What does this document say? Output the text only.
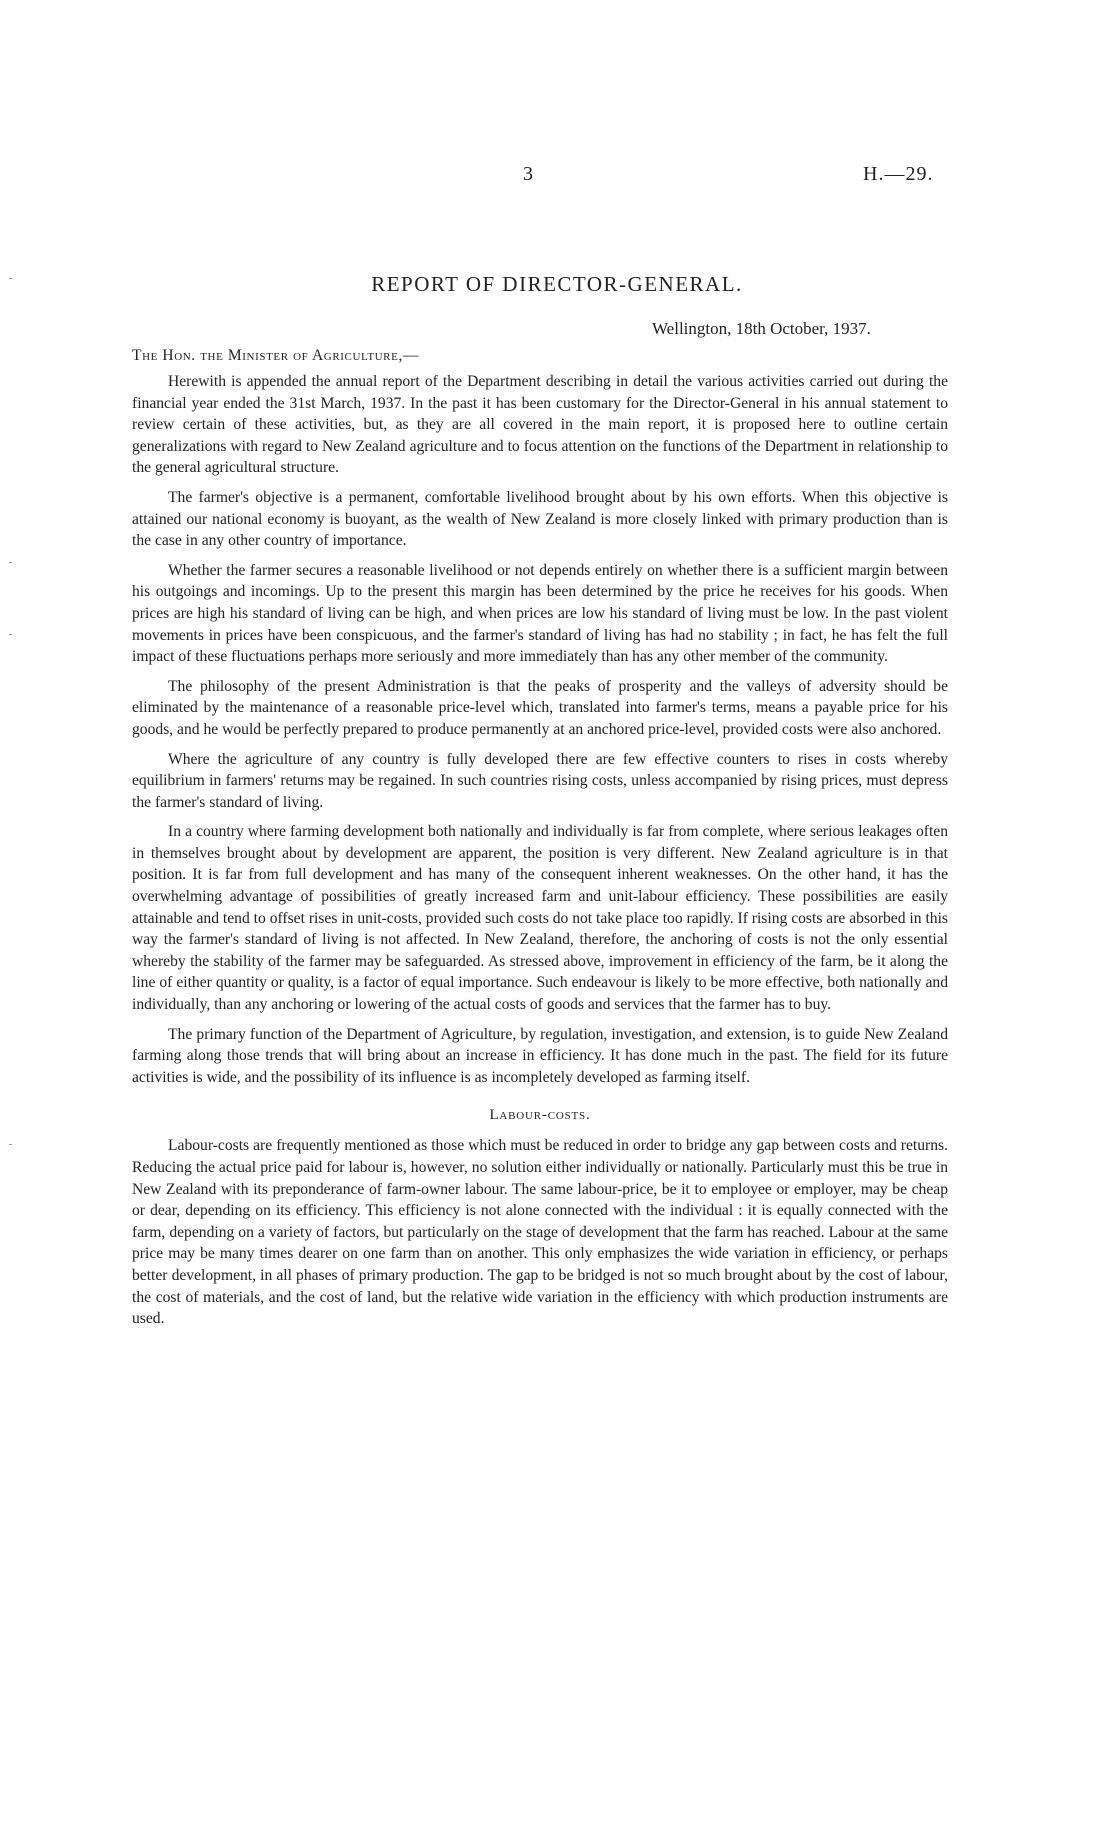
3	H.—29.
REPORT OF DIRECTOR-GENERAL.
Wellington, 18th October, 1937.
The Hon. the Minister of Agriculture,—

Herewith is appended the annual report of the Department describing in detail the various activities carried out during the financial year ended the 31st March, 1937. In the past it has been customary for the Director-General in his annual statement to review certain of these activities, but, as they are all covered in the main report, it is proposed here to outline certain generalizations with regard to New Zealand agriculture and to focus attention on the functions of the Department in relationship to the general agricultural structure.

The farmer's objective is a permanent, comfortable livelihood brought about by his own efforts. When this objective is attained our national economy is buoyant, as the wealth of New Zealand is more closely linked with primary production than is the case in any other country of importance.

Whether the farmer secures a reasonable livelihood or not depends entirely on whether there is a sufficient margin between his outgoings and incomings. Up to the present this margin has been determined by the price he receives for his goods. When prices are high his standard of living can be high, and when prices are low his standard of living must be low. In the past violent movements in prices have been conspicuous, and the farmer's standard of living has had no stability ; in fact, he has felt the full impact of these fluctuations perhaps more seriously and more immediately than has any other member of the community.

The philosophy of the present Administration is that the peaks of prosperity and the valleys of adversity should be eliminated by the maintenance of a reasonable price-level which, translated into farmer's terms, means a payable price for his goods, and he would be perfectly prepared to produce permanently at an anchored price-level, provided costs were also anchored.

Where the agriculture of any country is fully developed there are few effective counters to rises in costs whereby equilibrium in farmers' returns may be regained. In such countries rising costs, unless accompanied by rising prices, must depress the farmer's standard of living.

In a country where farming development both nationally and individually is far from complete, where serious leakages often in themselves brought about by development are apparent, the position is very different. New Zealand agriculture is in that position. It is far from full development and has many of the consequent inherent weaknesses. On the other hand, it has the overwhelming advantage of possibilities of greatly increased farm and unit-labour efficiency. These possibilities are easily attainable and tend to offset rises in unit-costs, provided such costs do not take place too rapidly. If rising costs are absorbed in this way the farmer's standard of living is not affected. In New Zealand, therefore, the anchoring of costs is not the only essential whereby the stability of the farmer may be safeguarded. As stressed above, improvement in efficiency of the farm, be it along the line of either quantity or quality, is a factor of equal importance. Such endeavour is likely to be more effective, both nationally and individually, than any anchoring or lowering of the actual costs of goods and services that the farmer has to buy.

The primary function of the Department of Agriculture, by regulation, investigation, and extension, is to guide New Zealand farming along those trends that will bring about an increase in efficiency. It has done much in the past. The field for its future activities is wide, and the possibility of its influence is as incompletely developed as farming itself.

Labour-costs.

Labour-costs are frequently mentioned as those which must be reduced in order to bridge any gap between costs and returns. Reducing the actual price paid for labour is, however, no solution either individually or nationally. Particularly must this be true in New Zealand with its preponderance of farm-owner labour. The same labour-price, be it to employee or employer, may be cheap or dear, depending on its efficiency. This efficiency is not alone connected with the individual : it is equally connected with the farm, depending on a variety of factors, but particularly on the stage of development that the farm has reached. Labour at the same price may be many times dearer on one farm than on another. This only emphasizes the wide variation in efficiency, or perhaps better development, in all phases of primary production. The gap to be bridged is not so much brought about by the cost of labour, the cost of materials, and the cost of land, but the relative wide variation in the efficiency with which production instruments are used.
